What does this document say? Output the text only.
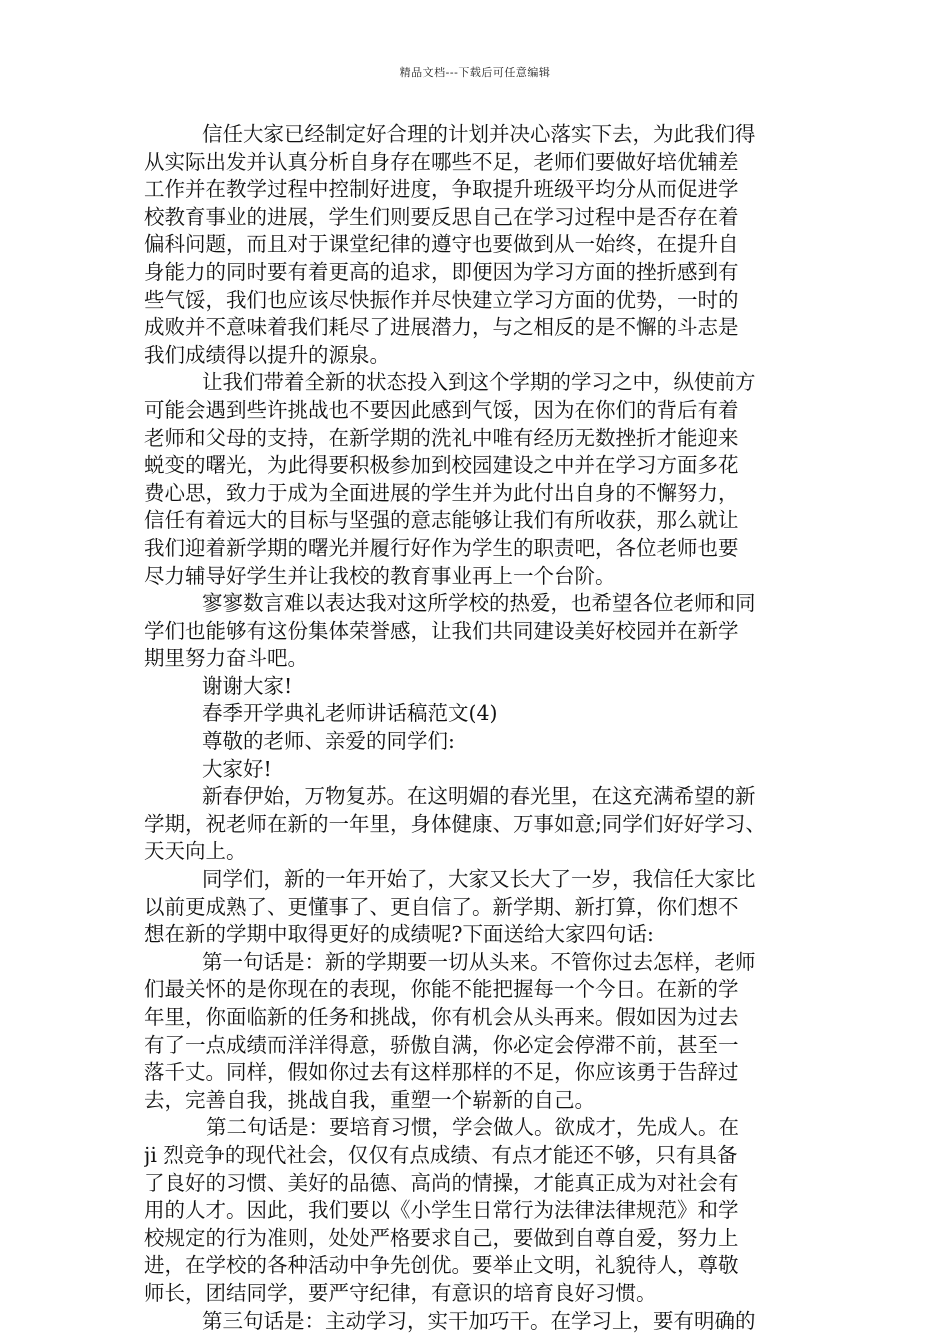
精品文档---下载后可任意编辑
信任大家已经制定好合理的计划并决心落实下去，为此我们得
从实际出发并认真分析自身存在哪些不足，老师们要做好培优辅差
工作并在教学过程中控制好进度，争取提升班级平均分从而促进学
校教育事业的进展，学生们则要反思自己在学习过程中是否存在着
偏科问题，而且对于课堂纪律的遵守也要做到从一始终，在提升自
身能力的同时要有着更高的追求，即便因为学习方面的挫折感到有
些气馁，我们也应该尽快振作并尽快建立学习方面的优势，一时的
成败并不意味着我们耗尽了进展潜力，与之相反的是不懈的斗志是
我们成绩得以提升的源泉。
让我们带着全新的状态投入到这个学期的学习之中，纵使前方
可能会遇到些许挑战也不要因此感到气馁，因为在你们的背后有着
老师和父母的支持，在新学期的洗礼中唯有经历无数挫折才能迎来
蜕变的曙光，为此得要积极参加到校园建设之中并在学习方面多花
费心思，致力于成为全面进展的学生并为此付出自身的不懈努力，
信任有着远大的目标与坚强的意志能够让我们有所收获，那么就让
我们迎着新学期的曙光并履行好作为学生的职责吧，各位老师也要
尽力辅导好学生并让我校的教育事业再上一个台阶。
寥寥数言难以表达我对这所学校的热爱，也希望各位老师和同
学们也能够有这份集体荣誉感，让我们共同建设美好校园并在新学
期里努力奋斗吧。
谢谢大家!
春季开学典礼老师讲话稿范文(4)
尊敬的老师、亲爱的同学们:
大家好!
新春伊始，万物复苏。在这明媚的春光里，在这充满希望的新
学期，祝老师在新的一年里，身体健康、万事如意;同学们好好学习、
天天向上。
同学们，新的一年开始了，大家又长大了一岁，我信任大家比
以前更成熟了、更懂事了、更自信了。新学期、新打算，你们想不
想在新的学期中取得更好的成绩呢?下面送给大家四句话:
第一句话是：新的学期要一切从头来。不管你过去怎样，老师
们最关怀的是你现在的表现，你能不能把握每一个今日。在新的学
年里，你面临新的任务和挑战，你有机会从头再来。假如因为过去
有了一点成绩而洋洋得意，骄傲自满，你必定会停滞不前，甚至一
落千丈。同样，假如你过去有这样那样的不足，你应该勇于告辞过
去，完善自我，挑战自我，重塑一个崭新的自己。
第二句话是：要培育习惯，学会做人。欲成才，先成人。在
ji 烈竞争的现代社会，仅仅有点成绩、有点才能还不够，只有具备
了良好的习惯、美好的品德、高尚的情操，才能真正成为对社会有
用的人才。因此，我们要以《小学生日常行为法律法律规范》和学
校规定的行为准则，处处严格要求自己，要做到自尊自爱，努力上
进，在学校的各种活动中争先创优。要举止文明，礼貌待人，尊敬
师长，团结同学，要严守纪律，有意识的培育良好习惯。
第三句话是：主动学习，实干加巧干。在学习上，要有明确的
